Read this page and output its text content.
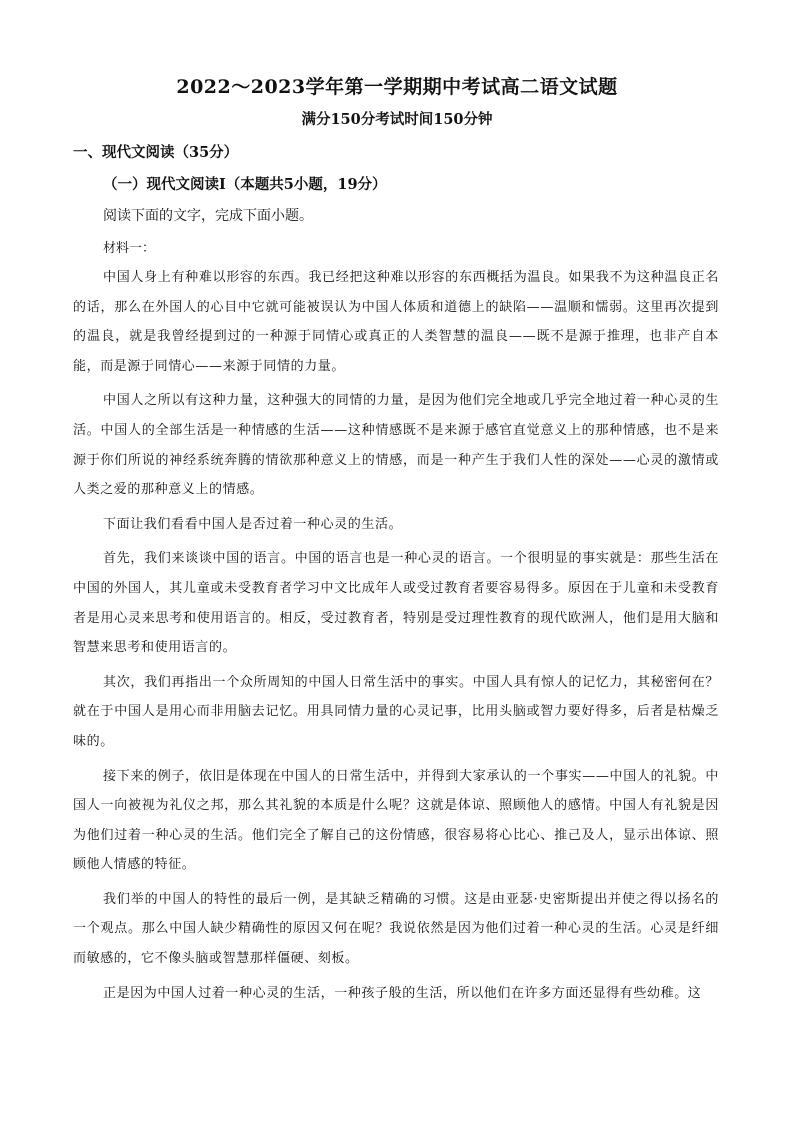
2022～2023学年第一学期期中考试高二语文试题
满分150分考试时间150分钟
一、现代文阅读（35分）
（一）现代文阅读Ⅰ（本题共5小题，19分）
阅读下面的文字，完成下面小题。
材料一：

中国人身上有种难以形容的东西。我已经把这种难以形容的东西概括为温良。如果我不为这种温良正名的话，那么在外国人的心目中它就可能被误认为中国人体质和道德上的缺陷——温顺和懦弱。这里再次提到的温良，就是我曾经提到过的一种源于同情心或真正的人类智慧的温良——既不是源于推理，也非产自本能，而是源于同情心——来源于同情的力量。

中国人之所以有这种力量，这种强大的同情的力量，是因为他们完全地或几乎完全地过着一种心灵的生活。中国人的全部生活是一种情感的生活——这种情感既不是来源于感官直觉意义上的那种情感，也不是来源于你们所说的神经系统奔腾的情欲那种意义上的情感，而是一种产生于我们人性的深处——心灵的激情或人类之爱的那种意义上的情感。

下面让我们看看中国人是否过着一种心灵的生活。

首先，我们来谈谈中国的语言。中国的语言也是一种心灵的语言。一个很明显的事实就是：那些生活在中国的外国人，其儿童或未受教育者学习中文比成年人或受过教育者要容易得多。原因在于儿童和未受教育者是用心灵来思考和使用语言的。相反，受过教育者，特别是受过理性教育的现代欧洲人，他们是用大脑和智慧来思考和使用语言的。

其次，我们再指出一个众所周知的中国人日常生活中的事实。中国人具有惊人的记忆力，其秘密何在？就在于中国人是用心而非用脑去记忆。用具同情力量的心灵记事，比用头脑或智力要好得多，后者是枯燥乏味的。

接下来的例子，依旧是体现在中国人的日常生活中，并得到大家承认的一个事实——中国人的礼貌。中国人一向被视为礼仪之邦，那么其礼貌的本质是什么呢？这就是体谅、照顾他人的感情。中国人有礼貌是因为他们过着一种心灵的生活。他们完全了解自己的这份情感，很容易将心比心、推己及人，显示出体谅、照顾他人情感的特征。

我们举的中国人的特性的最后一例，是其缺乏精确的习惯。这是由亚瑟·史密斯提出并使之得以扬名的一个观点。那么中国人缺少精确性的原因又何在呢？我说依然是因为他们过着一种心灵的生活。心灵是纤细而敏感的，它不像头脑或智慧那样僵硬、刻板。

正是因为中国人过着一种心灵的生活，一种孩子般的生活，所以他们在许多方面还显得有些幼稚。这
